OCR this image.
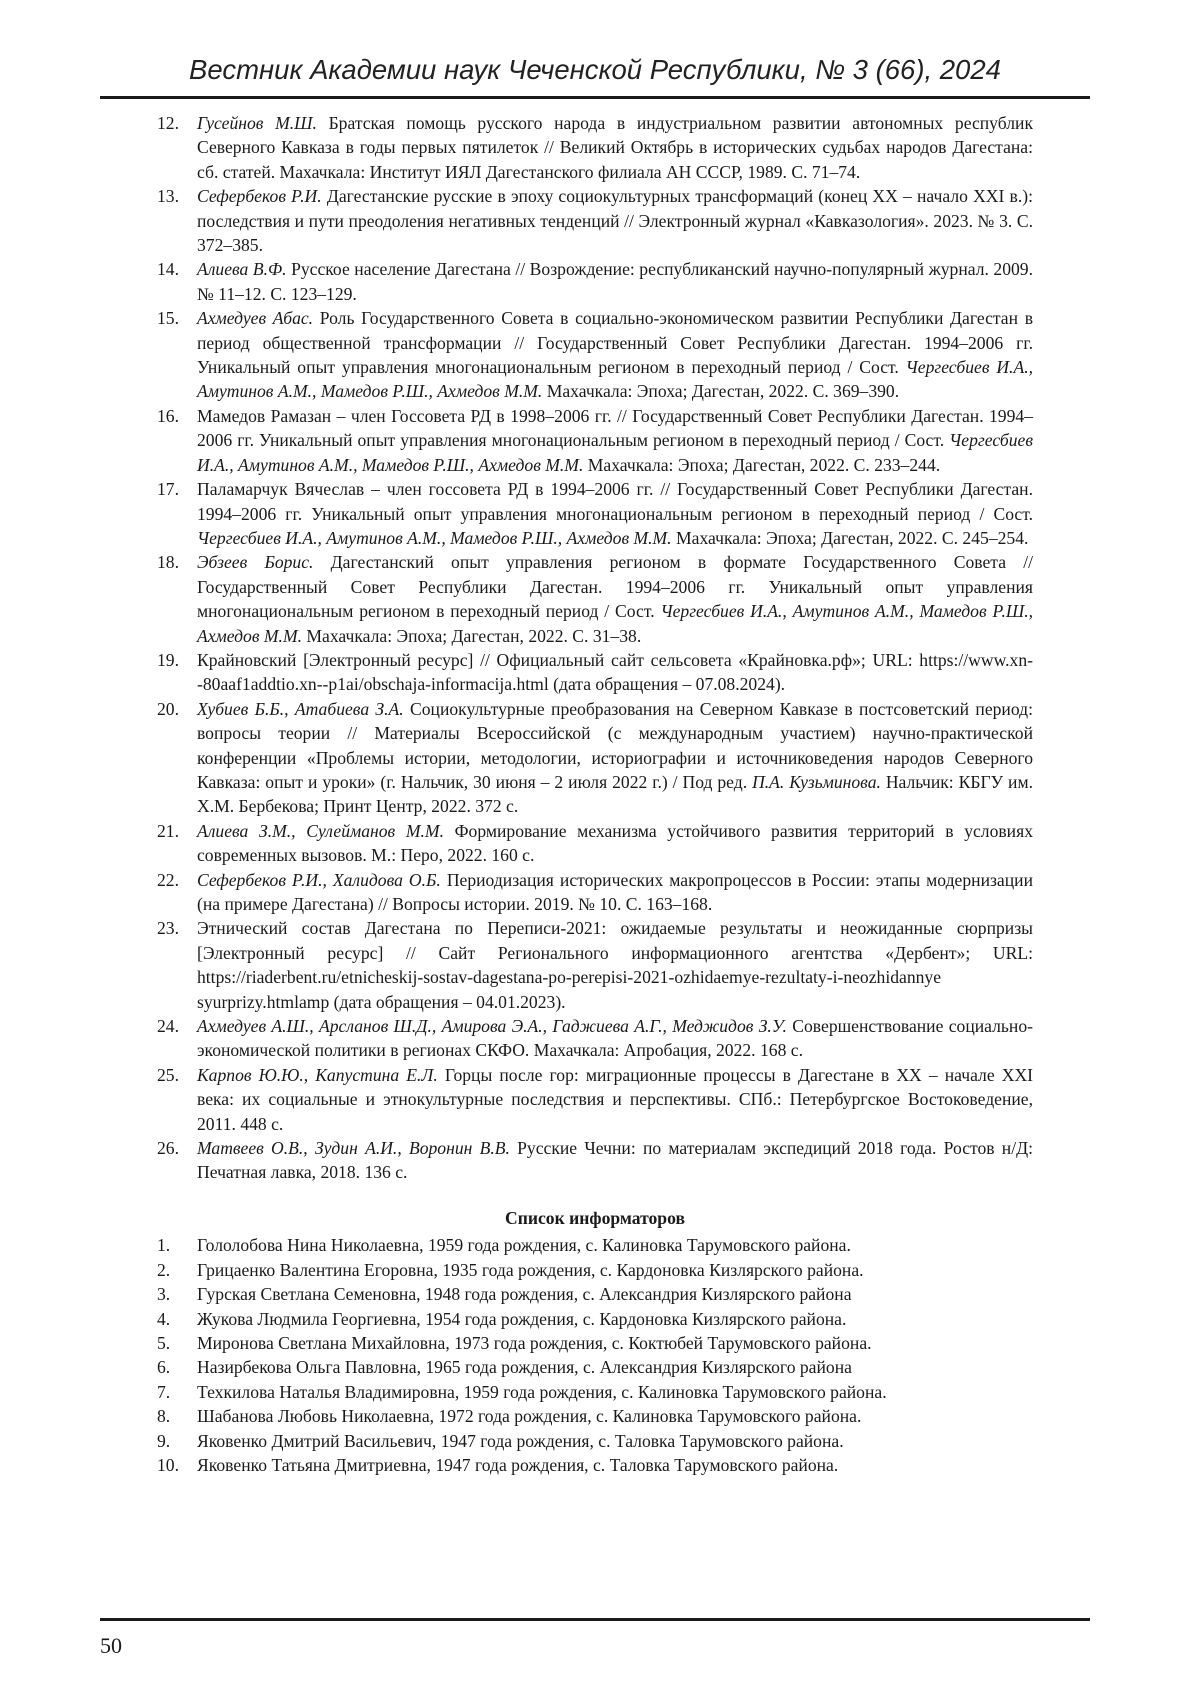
Вестник Академии наук Чеченской Республики, № 3 (66), 2024
12. Гусейнов М.Ш. Братская помощь русского народа в индустриальном развитии автономных республик Северного Кавказа в годы первых пятилеток // Великий Октябрь в исторических судьбах народов Дагестана: сб. статей. Махачкала: Институт ИЯЛ Дагестанского филиала АН СССР, 1989. С. 71–74.
13. Сефербеков Р.И. Дагестанские русские в эпоху социокультурных трансформаций (конец XX – начало XXI в.): последствия и пути преодоления негативных тенденций // Электронный журнал «Кавказология». 2023. № 3. С. 372–385.
14. Алиева В.Ф. Русское население Дагестана // Возрождение: республиканский научно-популярный журнал. 2009. № 11–12. С. 123–129.
15. Ахмедуев Абас. Роль Государственного Совета в социально-экономическом развитии Республики Дагестан в период общественной трансформации // Государственный Совет Республики Дагестан. 1994–2006 гг. Уникальный опыт управления многонациональным регионом в переходный период / Сост. Чергесбиев И.А., Амутинов А.М., Мамедов Р.Ш., Ахмедов М.М. Махачкала: Эпоха; Дагестан, 2022. С. 369–390.
16. Мамедов Рамазан – член Госсовета РД в 1998–2006 гг. // Государственный Совет Республики Дагестан. 1994–2006 гг. Уникальный опыт управления многонациональным регионом в переходный период / Сост. Чергесбиев И.А., Амутинов А.М., Мамедов Р.Ш., Ахмедов М.М. Махачкала: Эпоха; Дагестан, 2022. С. 233–244.
17. Паламарчук Вячеслав – член госсовета РД в 1994–2006 гг. // Государственный Совет Республики Дагестан. 1994–2006 гг. Уникальный опыт управления многонациональным регионом в переходный период / Сост. Чергесбиев И.А., Амутинов А.М., Мамедов Р.Ш., Ахмедов М.М. Махачкала: Эпоха; Дагестан, 2022. С. 245–254.
18. Эбзеев Борис. Дагестанский опыт управления регионом в формате Государственного Совета // Государственный Совет Республики Дагестан. 1994–2006 гг. Уникальный опыт управления многонациональным регионом в переходный период / Сост. Чергесбиев И.А., Амутинов А.М., Мамедов Р.Ш., Ахмедов М.М. Махачкала: Эпоха; Дагестан, 2022. С. 31–38.
19. Крайновский [Электронный ресурс] // Официальный сайт сельсовета «Крайновка.рф»; URL: https://www.xn--80aaf1addtio.xn--p1ai/obschaja-informacija.html (дата обращения – 07.08.2024).
20. Хубиев Б.Б., Атабиева З.А. Социокультурные преобразования на Северном Кавказе в постсоветский период: вопросы теории // Материалы Всероссийской (с международным участием) научно-практической конференции «Проблемы истории, методологии, историографии и источниковедения народов Северного Кавказа: опыт и уроки» (г. Нальчик, 30 июня – 2 июля 2022 г.) / Под ред. П.А. Кузьминова. Нальчик: КБГУ им. Х.М. Бербекова; Принт Центр, 2022. 372 с.
21. Алиева З.М., Сулейманов М.М. Формирование механизма устойчивого развития территорий в условиях современных вызовов. М.: Перо, 2022. 160 с.
22. Сефербеков Р.И., Халидова О.Б. Периодизация исторических макропроцессов в России: этапы модернизации (на примере Дагестана) // Вопросы истории. 2019. № 10. С. 163–168.
23. Этнический состав Дагестана по Переписи-2021: ожидаемые результаты и неожиданные сюрпризы [Электронный ресурс] // Сайт Регионального информационного агентства «Дербент»; URL: https://riaderbent.ru/etnicheskij-sostav-dagestana-po-perepisi-2021-ozhidaemye-rezultaty-i-neozhidannye syurprizy.htmlamp (дата обращения – 04.01.2023).
24. Ахмедуев А.Ш., Арсланов Ш.Д., Амирова Э.А., Гаджиева А.Г., Меджидов З.У. Совершенствование социально-экономической политики в регионах СКФО. Махачкала: Апробация, 2022. 168 с.
25. Карпов Ю.Ю., Капустина Е.Л. Горцы после гор: миграционные процессы в Дагестане в XX – начале XXI века: их социальные и этнокультурные последствия и перспективы. СПб.: Петербургское Востоковедение, 2011. 448 с.
26. Матвеев О.В., Зудин А.И., Воронин В.В. Русские Чечни: по материалам экспедиций 2018 года. Ростов н/Д: Печатная лавка, 2018. 136 с.
Список информаторов
1. Гололобова Нина Николаевна, 1959 года рождения, с. Калиновка Тарумовского района.
2. Грицаенко Валентина Егоровна, 1935 года рождения, с. Кардоновка Кизлярского района.
3. Гурская Светлана Семеновна, 1948 года рождения, с. Александрия Кизлярского района
4. Жукова Людмила Георгиевна, 1954 года рождения, с. Кардоновка Кизлярского района.
5. Миронова Светлана Михайловна, 1973 года рождения, с. Коктюбей Тарумовского района.
6. Назирбекова Ольга Павловна, 1965 года рождения, с. Александрия Кизлярского района
7. Техкилова Наталья Владимировна, 1959 года рождения, с. Калиновка Тарумовского района.
8. Шабанова Любовь Николаевна, 1972 года рождения, с. Калиновка Тарумовского района.
9. Яковенко Дмитрий Васильевич, 1947 года рождения, с. Таловка Тарумовского района.
10. Яковенко Татьяна Дмитриевна, 1947 года рождения, с. Таловка Тарумовского района.
50
